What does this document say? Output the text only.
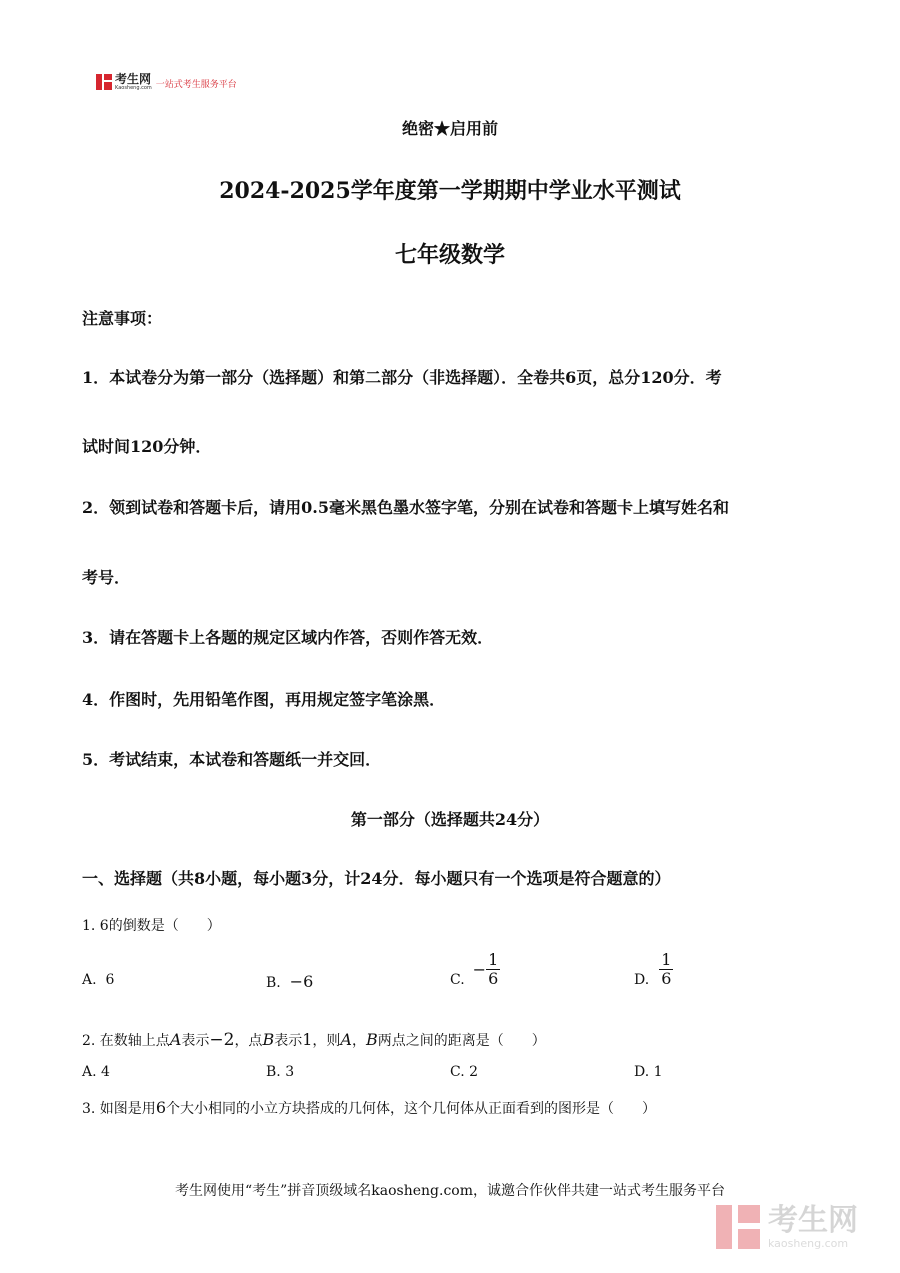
考生网
Kaosheng.com 一站式考生服务平台
绝密★启用前
2024-2025学年度第一学期期中学业水平测试
七年级数学
注意事项：
1．本试卷分为第一部分（选择题）和第二部分（非选择题）．全卷共6页，总分120分．考
试时间120分钟．
2．领到试卷和答题卡后，请用0.5毫米黑色墨水签字笔，分别在试卷和答题卡上填写姓名和
考号．
3．请在答题卡上各题的规定区域内作答，否则作答无效．
4．作图时，先用铅笔作图，再用规定签字笔涂黑．
5．考试结束，本试卷和答题纸一并交回．
第一部分（选择题共24分）
一、选择题（共8小题，每小题3分，计24分．每小题只有一个选项是符合题意的）
1. 6的倒数是（　　）
A. 6	B. −6	C.
− $\frac{1}{6}$	D. $\frac{1}{6}$
2. 在数轴上点A表示−2，点B表示1，则A，B两点之间的距离是（　　）
A. 4	B. 3	C. 2	D. 1
3. 如图是用6个大小相同的小立方块搭成的几何体，这个几何体从正面看到的图形是（　　）
考生网使用“考生”拼音顶级域名kaosheng.com，诚邀合作伙伴共建一站式考生服务平台
考生网
kaosheng.com
